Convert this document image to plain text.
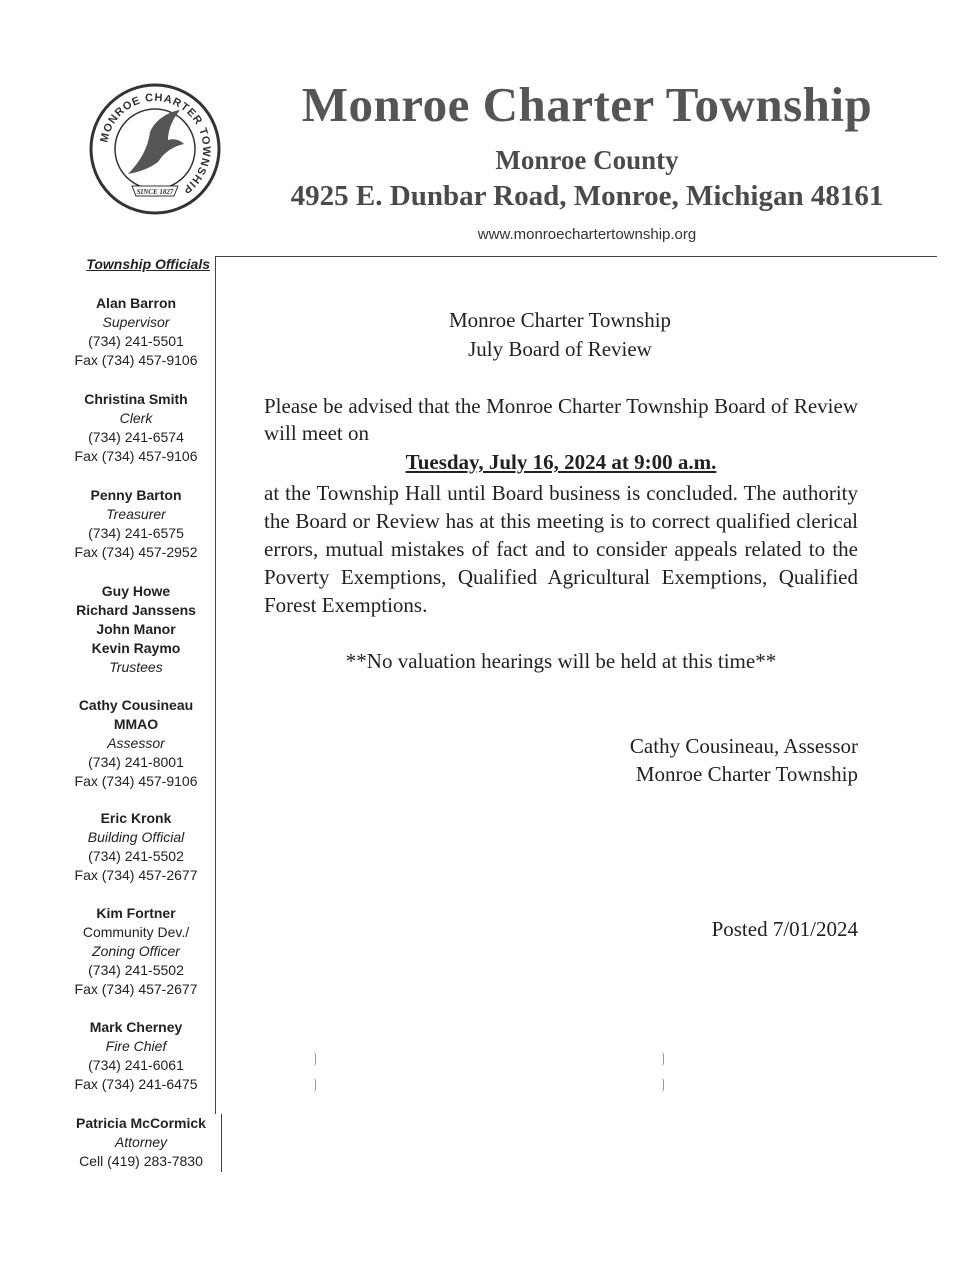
MONROE CHARTER TOWNSHIP
SINCE 1827
Monroe Charter Township
Monroe County
4925 E. Dunbar Road, Monroe, Michigan 48161
www.monroechartertownship.org
Township Officials
Alan Barron
Supervisor
(734) 241-5501
Fax (734) 457-9106
Christina Smith
Clerk
(734) 241-6574
Fax (734) 457-9106
Penny Barton
Treasurer
(734) 241-6575
Fax (734) 457-2952
Guy Howe
Richard Janssens
John Manor
Kevin Raymo
Trustees
Cathy Cousineau
MMAO
Assessor
(734) 241-8001
Fax (734) 457-9106
Eric Kronk
Building Official
(734) 241-5502
Fax (734) 457-2677
Kim Fortner
Community Dev./
Zoning Officer
(734) 241-5502
Fax (734) 457-2677
Mark Cherney
Fire Chief
(734) 241-6061
Fax (734) 241-6475
Patricia McCormick
Attorney
Cell (419) 283-7830
Monroe Charter Township
July Board of Review
Please be advised that the Monroe Charter Township Board of Review will meet on
Tuesday, July 16, 2024 at 9:00 a.m.
at the Township Hall until Board business is concluded. The authority the Board or Review has at this meeting is to correct qualified clerical errors, mutual mistakes of fact and to consider appeals related to the Poverty Exemptions, Qualified Agricultural Exemptions, Qualified Forest Exemptions.
**No valuation hearings will be held at this time**
Cathy Cousineau, Assessor
Monroe Charter Township
Posted 7/01/2024
